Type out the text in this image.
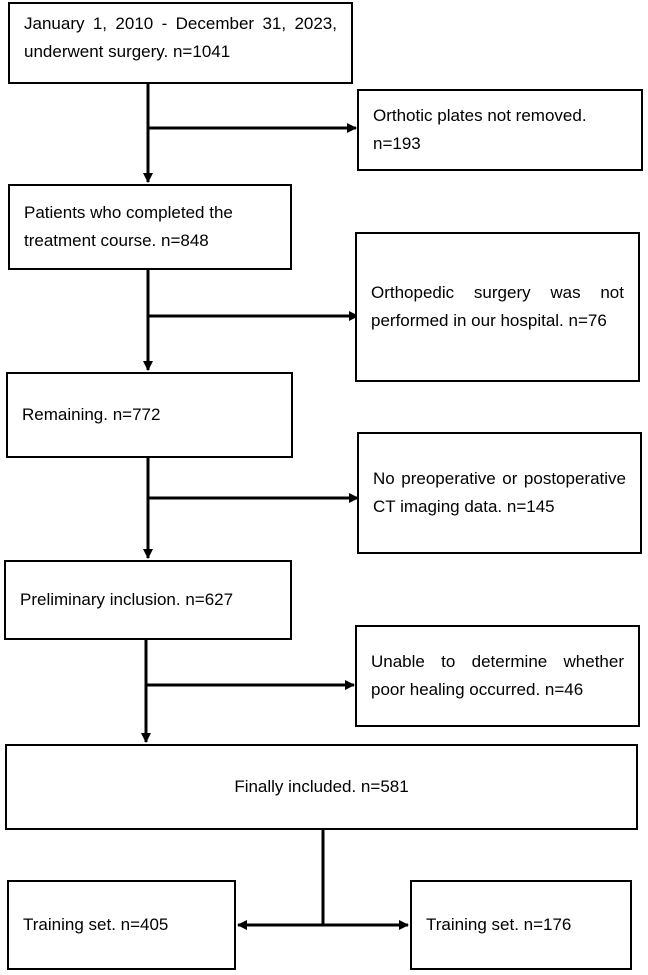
January 1, 2010 - December 31, 2023, underwent surgery. n=1041
Orthotic plates not removed. n=193
Patients who completed the treatment course. n=848
Orthopedic surgery was not performed in our hospital. n=76
Remaining. n=772
No preoperative or postoperative CT imaging data. n=145
Preliminary inclusion. n=627
Unable to determine whether poor healing occurred. n=46
Finally included. n=581
Training set. n=405	Training set. n=176
